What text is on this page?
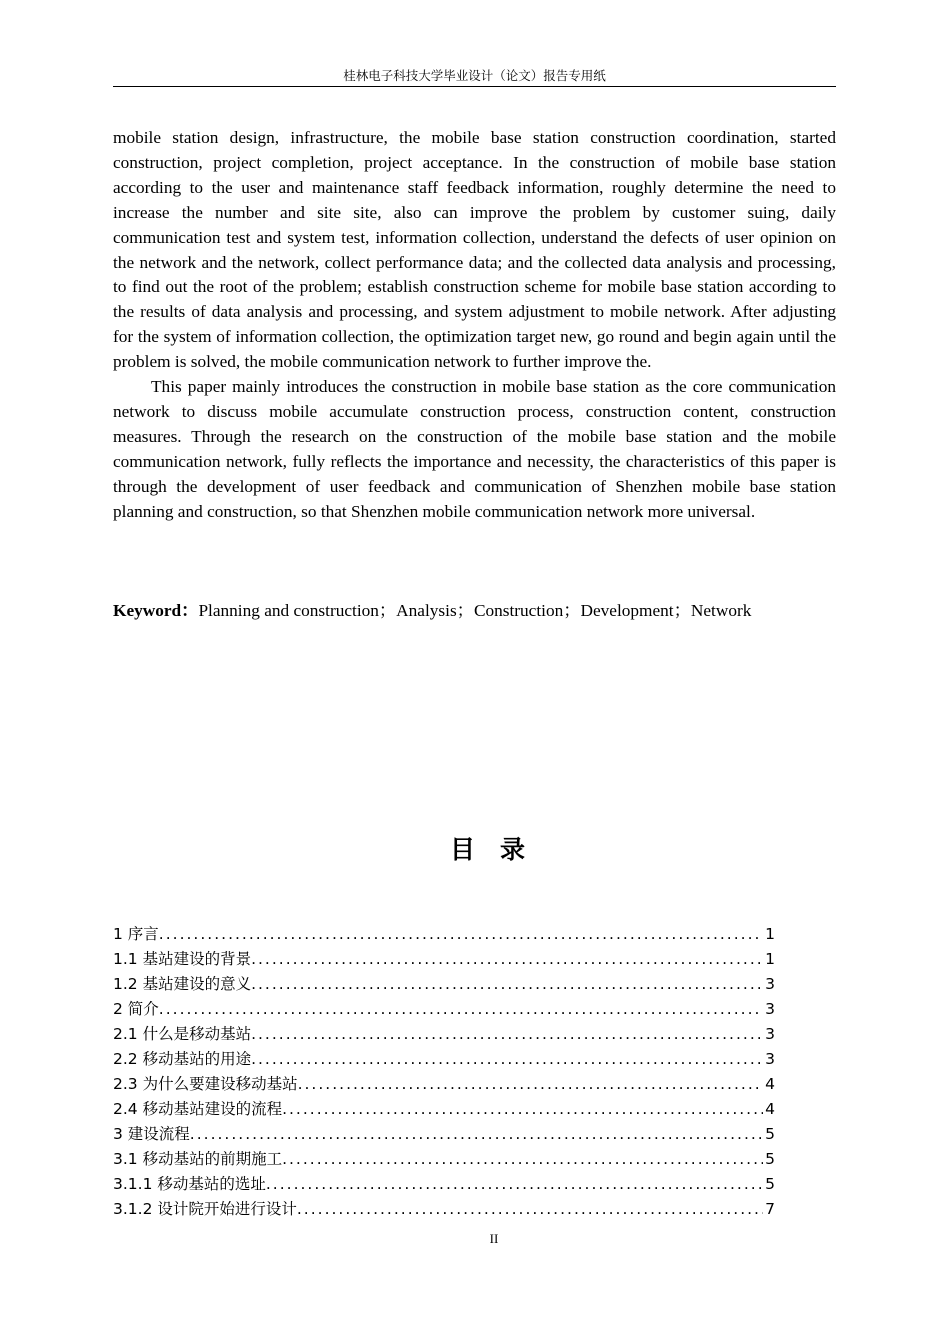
桂林电子科技大学毕业设计（论文）报告专用纸

mobile station design, infrastructure, the mobile base station construction coordination, started construction, project completion, project acceptance. In the construction of mobile base station according to the user and maintenance staff feedback information, roughly determine the need to increase the number and site site, also can improve the problem by customer suing, daily communication test and system test, information collection, understand the defects of user opinion on the network and the network, collect performance data; and the collected data analysis and processing, to find out the root of the problem; establish construction scheme for mobile base station according to the results of data analysis and processing, and system adjustment to mobile network. After adjusting for the system of information collection, the optimization target new, go round and begin again until the problem is solved, the mobile communication network to further improve the.

This paper mainly introduces the construction in mobile base station as the core communication network to discuss mobile accumulate construction process, construction content, construction measures. Through the research on the construction of the mobile base station and the mobile communication network, fully reflects the importance and necessity, the characteristics of this paper is through the development of user feedback and communication of Shenzhen mobile base station planning and construction, so that Shenzhen mobile communication network more universal.

Keyword：Planning and construction；Analysis；Construction；Development；Network
目录
1 序言 .....	1
1.1 基站建设的背景 .....	1
1.2 基站建设的意义 .....	3
2 简介 .....	3
2.1 什么是移动基站 .....	3
2.2 移动基站的用途 .....	3
2.3 为什么要建设移动基站 .....	4
2.4 移动基站建设的流程 .....	4
3 建设流程 .....	5
3.1 移动基站的前期施工 .....	5
3.1.1 移动基站的选址 .....	5
3.1.2 设计院开始进行设计 .....	7
II
